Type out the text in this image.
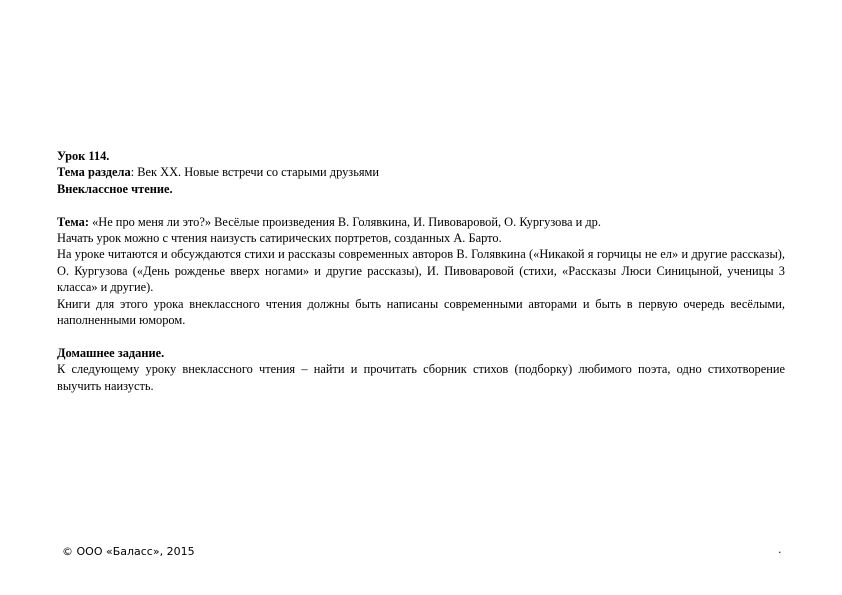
Урок 114.

Тема раздела: Век XX. Новые встречи со старыми друзьями

Внеклассное чтение.

Тема: «Не про меня ли это?» Весёлые произведения В. Голявкина, И. Пивоваровой, О. Кургузова и др.

Начать урок можно с чтения наизусть сатирических портретов, созданных А. Барто.

На уроке читаются и обсуждаются стихи и рассказы современных авторов В. Голявкина («Никакой я горчицы не ел» и другие рассказы), О. Кургузова («День рожденье вверх ногами» и другие рассказы), И. Пивоваровой (стихи, «Рассказы Люси Синицыной, ученицы 3 класса» и другие).

Книги для этого урока внеклассного чтения должны быть написаны современными авторами и быть в первую очередь весёлыми, наполненными юмором.

Домашнее задание.

К следующему уроку внеклассного чтения – найти и прочитать сборник стихов (подборку) любимого поэта, одно стихотворение выучить наизусть.

© ООО «Баласс», 2015	.
